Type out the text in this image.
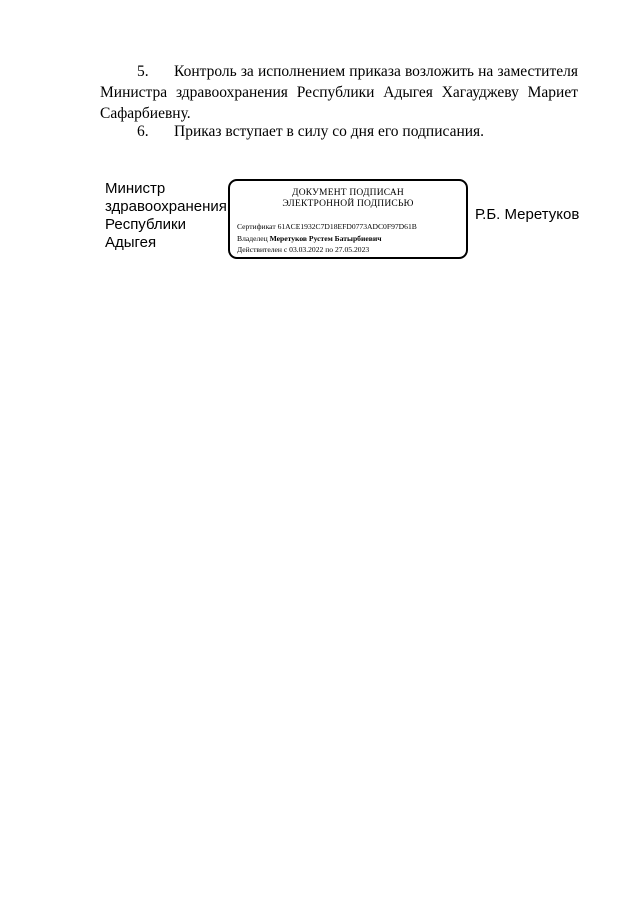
5. Контроль за исполнением приказа возложить на заместителя Министра здравоохранения Республики Адыгея Хагауджеву Мариет Сафарбиевну.
6. Приказ вступает в силу со дня его подписания.
Министр
здравоохранения
Республики
Адыгея
ДОКУМЕНТ ПОДПИСАН
ЭЛЕКТРОННОЙ ПОДПИСЬЮ
Сертификат 61ACE1932C7D18EFD0773ADC0F97D61B
Владелец Меретуков Рустем Батырбиевич
Действителен с 03.03.2022 по 27.05.2023
Р.Б. Меретуков
